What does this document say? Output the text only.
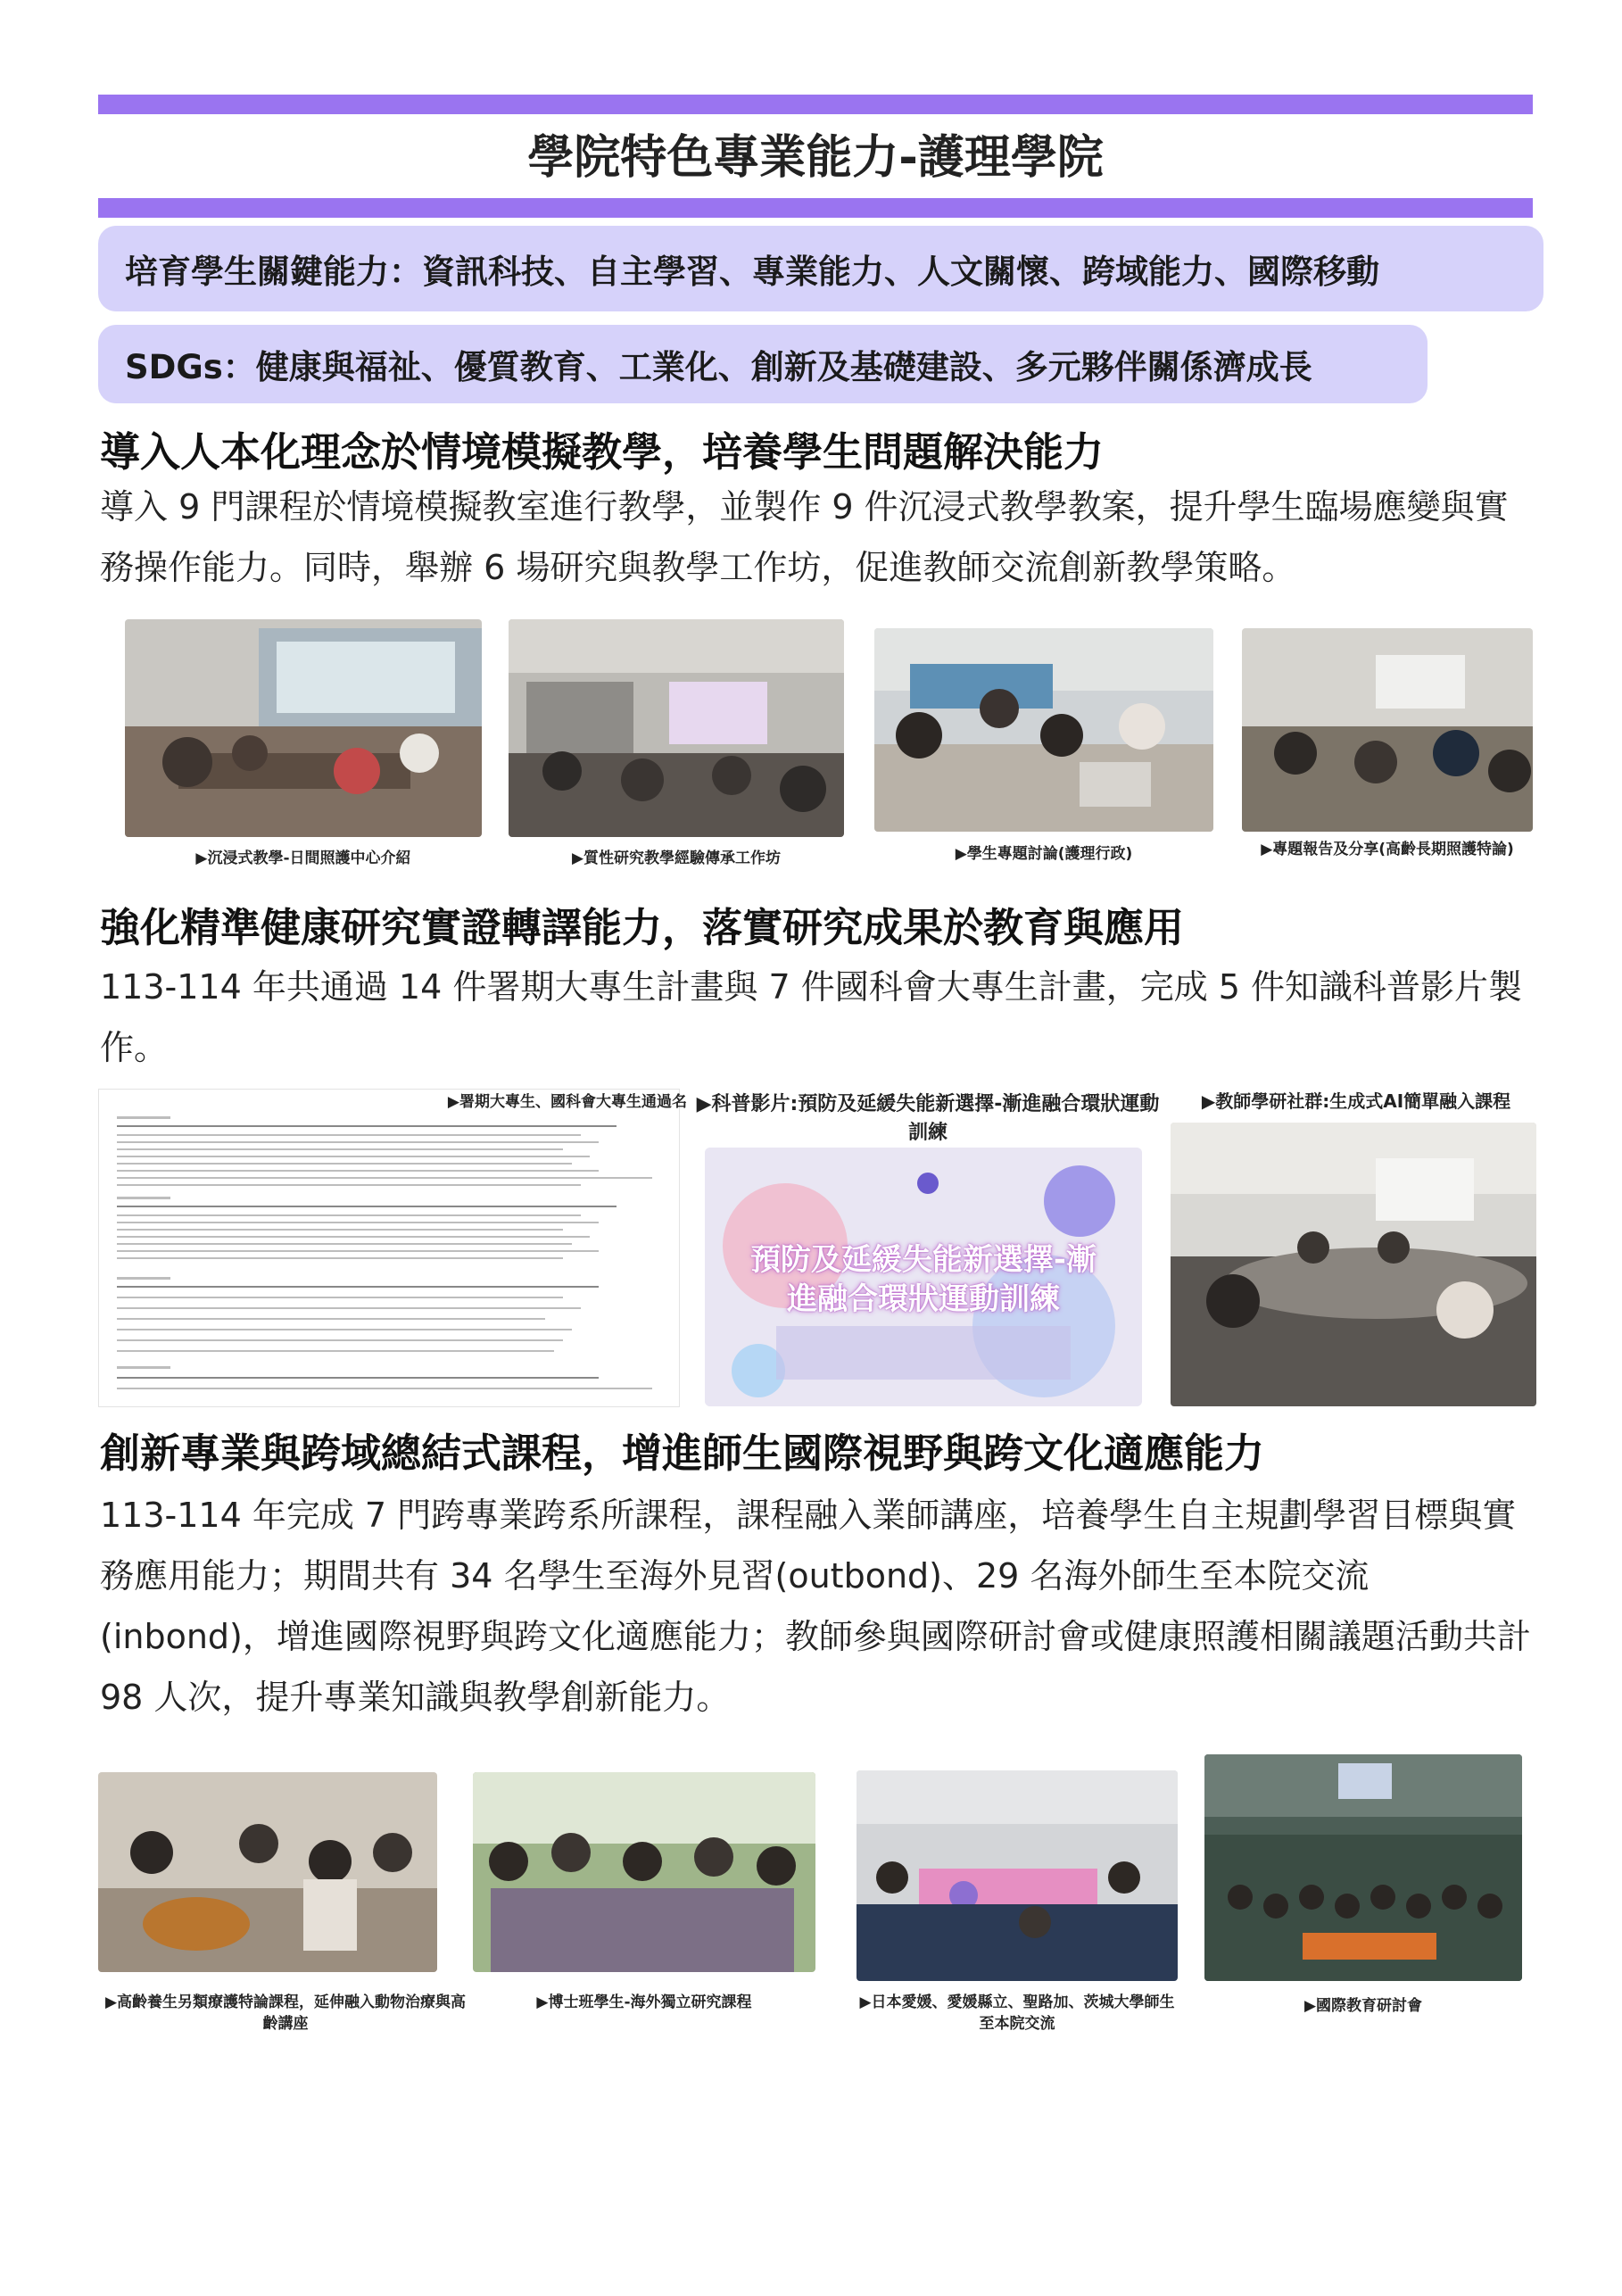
學院特色專業能力-護理學院
培育學生關鍵能力：資訊科技、自主學習、專業能力、人文關懷、跨域能力、國際移動
SDGs：健康與福祉、優質教育、工業化、創新及基礎建設、多元夥伴關係濟成長
導入人本化理念於情境模擬教學，培養學生問題解決能力

導入 9 門課程於情境模擬教室進行教學，並製作 9 件沉浸式教學教案，提升學生臨場應變與實務操作能力。同時，舉辦 6 場研究與教學工作坊，促進教師交流創新教學策略。

▶沉浸式教學-日間照護中心介紹	▶質性研究教學經驗傳承工作坊	▶學生專題討論(護理行政)	▶專題報告及分享(高齡長期照護特論)
強化精準健康研究實證轉譯能力，落實研究成果於教育與應用

113-114 年共通過 14 件署期大專生計畫與 7 件國科會大專生計畫，完成 5 件知識科普影片製作。

▶署期大專生、國科會大專生通過名 ▶科普影片:預防及延緩失能新選擇-漸進融合環狀運動訓練
預防及延緩失能新選擇-漸進融合環狀運動訓練
▶教師學研社群:生成式AI簡單融入課程
創新專業與跨域總結式課程，增進師生國際視野與跨文化適應能力

113-114 年完成 7 門跨專業跨系所課程，課程融入業師講座，培養學生自主規劃學習目標與實務應用能力；期間共有 34 名學生至海外見習(outbond)、29 名海外師生至本院交流(inbond)，增進國際視野與跨文化適應能力；教師參與國際研討會或健康照護相關議題活動共計 98 人次，提升專業知識與教學創新能力。

▶高齡養生另類療護特論課程，延伸融入動物治療與高齡講座
▶博士班學生-海外獨立研究課程	▶日本愛媛、愛媛縣立、聖路加、茨城大學師生至本院交流
▶國際教育研討會
